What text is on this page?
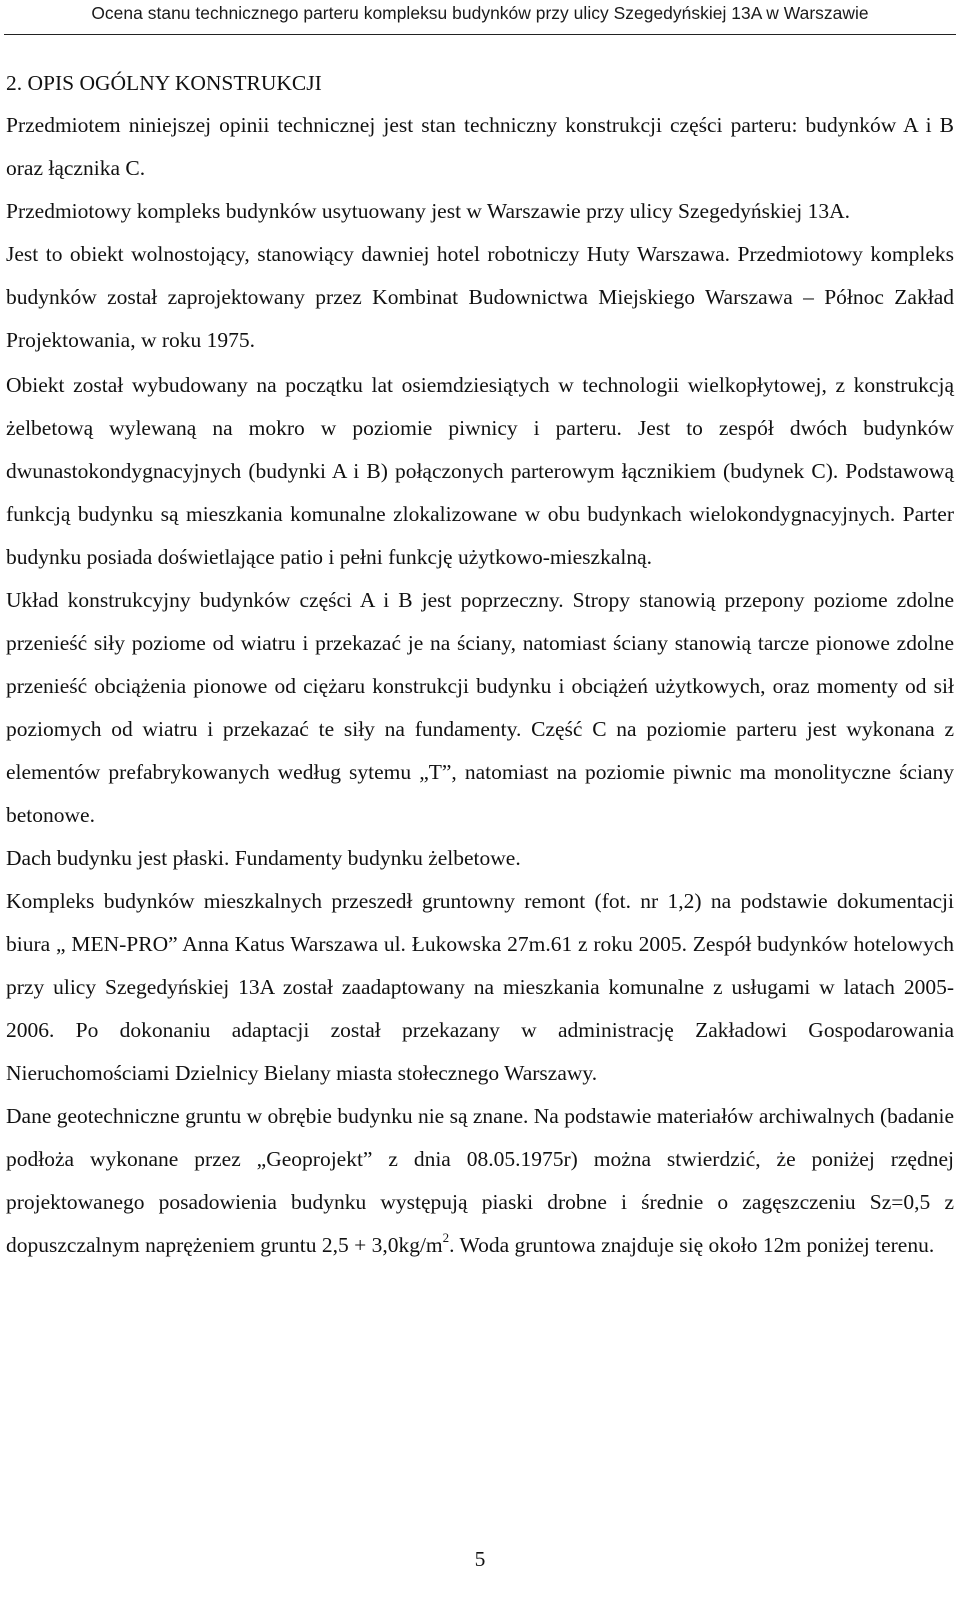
Ocena stanu technicznego parteru kompleksu budynków przy ulicy Szegedyńskiej 13A w Warszawie

2. OPIS OGÓLNY KONSTRUKCJI

Przedmiotem niniejszej opinii technicznej jest stan techniczny konstrukcji części parteru: budynków A i B oraz łącznika C.

Przedmiotowy kompleks budynków usytuowany jest w Warszawie przy ulicy Szegedyńskiej 13A.

Jest to obiekt wolnostojący, stanowiący dawniej hotel robotniczy Huty Warszawa. Przedmiotowy kompleks budynków został zaprojektowany przez Kombinat Budownictwa Miejskiego Warszawa – Północ Zakład Projektowania, w roku 1975.

Obiekt został wybudowany na początku lat osiemdziesiątych w technologii wielkopłytowej, z konstrukcją żelbetową wylewaną na mokro w poziomie piwnicy i parteru. Jest to zespół dwóch budynków dwunastokondygnacyjnych (budynki A i B) połączonych parterowym łącznikiem (budynek C). Podstawową funkcją budynku są mieszkania komunalne zlokalizowane w obu budynkach wielokondygnacyjnych. Parter budynku posiada doświetlające patio i pełni funkcję użytkowo-mieszkalną.

Układ konstrukcyjny budynków części A i B jest poprzeczny. Stropy stanowią przepony poziome zdolne przenieść siły poziome od wiatru i przekazać je na ściany, natomiast ściany stanowią tarcze pionowe zdolne przenieść obciążenia pionowe od ciężaru konstrukcji budynku i obciążeń użytkowych, oraz momenty od sił poziomych od wiatru i przekazać te siły na fundamenty. Część C na poziomie parteru jest wykonana z elementów prefabrykowanych według sytemu „T”, natomiast na poziomie piwnic ma monolityczne ściany betonowe.

Dach budynku jest płaski. Fundamenty budynku żelbetowe.

Kompleks budynków mieszkalnych przeszedł gruntowny remont (fot. nr 1,2) na podstawie dokumentacji biura „ MEN-PRO” Anna Katus Warszawa ul. Łukowska 27m.61 z roku 2005. Zespół budynków hotelowych przy ulicy Szegedyńskiej 13A został zaadaptowany na mieszkania komunalne z usługami w latach 2005-2006. Po dokonaniu adaptacji został przekazany w administrację Zakładowi Gospodarowania Nieruchomościami Dzielnicy Bielany miasta stołecznego Warszawy.

Dane geotechniczne gruntu w obrębie budynku nie są znane. Na podstawie materiałów archiwalnych (badanie podłoża wykonane przez „Geoprojekt” z dnia 08.05.1975r) można stwierdzić, że poniżej rzędnej projektowanego posadowienia budynku występują piaski drobne i średnie o zagęszczeniu Sz=0,5 z dopuszczalnym naprężeniem gruntu $2,5 + 3,0kg/m^2$. Woda gruntowa znajduje się około 12m poniżej terenu.

5
